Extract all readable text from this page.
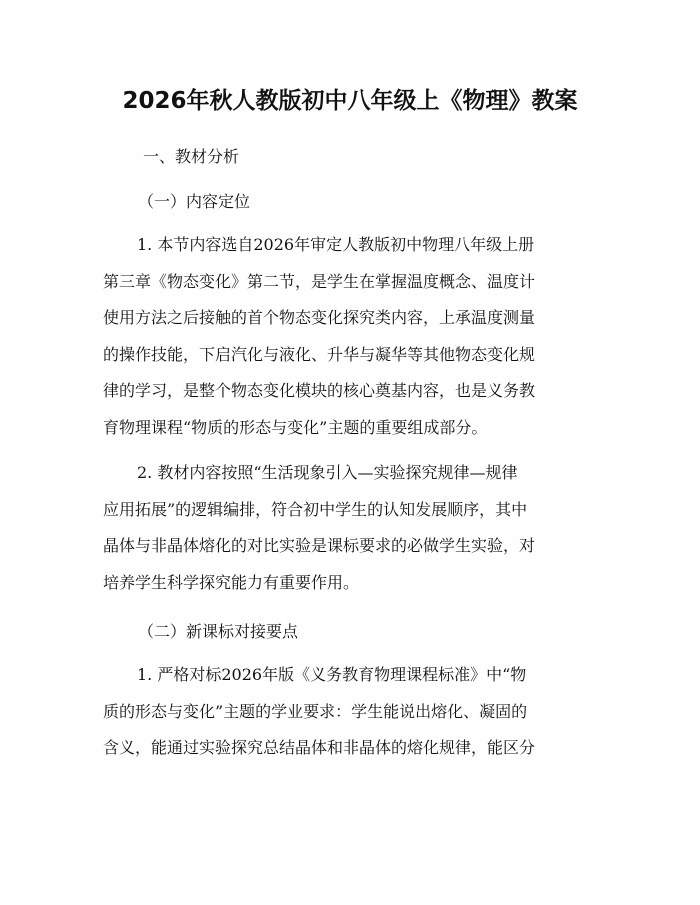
2026年秋人教版初中八年级上《物理》教案
一、教材分析
（一）内容定位
1. 本节内容选自2026年审定人教版初中物理八年级上册
第三章《物态变化》第二节，是学生在掌握温度概念、温度计
使用方法之后接触的首个物态变化探究类内容，上承温度测量
的操作技能，下启汽化与液化、升华与凝华等其他物态变化规
律的学习，是整个物态变化模块的核心奠基内容，也是义务教
育物理课程“物质的形态与变化”主题的重要组成部分。
2. 教材内容按照“生活现象引入—实验探究规律—规律
应用拓展”的逻辑编排，符合初中学生的认知发展顺序，其中
晶体与非晶体熔化的对比实验是课标要求的必做学生实验，对
培养学生科学探究能力有重要作用。
（二）新课标对接要点
1. 严格对标2026年版《义务教育物理课程标准》中“物
质的形态与变化”主题的学业要求：学生能说出熔化、凝固的
含义，能通过实验探究总结晶体和非晶体的熔化规律，能区分
